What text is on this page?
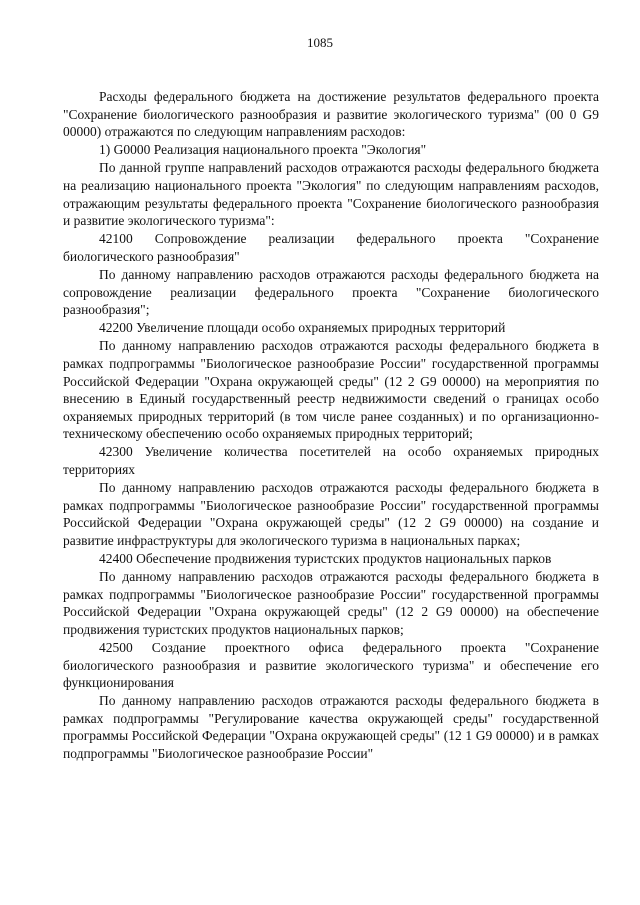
1085

Расходы федерального бюджета на достижение результатов федерального проекта "Сохранение биологического разнообразия и развитие экологического туризма" (00 0 G9 00000) отражаются по следующим направлениям расходов:

1) G0000 Реализация национального проекта "Экология"

По данной группе направлений расходов отражаются расходы федерального бюджета на реализацию национального проекта "Экология" по следующим направлениям расходов, отражающим результаты федерального проекта "Сохранение биологического разнообразия и развитие экологического туризма":

42100 Сопровождение реализации федерального проекта "Сохранение биологического разнообразия"

По данному направлению расходов отражаются расходы федерального бюджета на сопровождение реализации федерального проекта "Сохранение биологического разнообразия";

42200 Увеличение площади особо охраняемых природных территорий

По данному направлению расходов отражаются расходы федерального бюджета в рамках подпрограммы "Биологическое разнообразие России" государственной программы Российской Федерации "Охрана окружающей среды" (12 2 G9 00000) на мероприятия по внесению в Единый государственный реестр недвижимости сведений о границах особо охраняемых природных территорий (в том числе ранее созданных) и по организационно-техническому обеспечению особо охраняемых природных территорий;

42300 Увеличение количества посетителей на особо охраняемых природных территориях

По данному направлению расходов отражаются расходы федерального бюджета в рамках подпрограммы "Биологическое разнообразие России" государственной программы Российской Федерации "Охрана окружающей среды" (12 2 G9 00000) на создание и развитие инфраструктуры для экологического туризма в национальных парках;

42400 Обеспечение продвижения туристских продуктов национальных парков

По данному направлению расходов отражаются расходы федерального бюджета в рамках подпрограммы "Биологическое разнообразие России" государственной программы Российской Федерации "Охрана окружающей среды" (12 2 G9 00000) на обеспечение продвижения туристских продуктов национальных парков;

42500 Создание проектного офиса федерального проекта "Сохранение биологического разнообразия и развитие экологического туризма" и обеспечение его функционирования

По данному направлению расходов отражаются расходы федерального бюджета в рамках подпрограммы "Регулирование качества окружающей среды" государственной программы Российской Федерации "Охрана окружающей среды" (12 1 G9 00000) и в рамках подпрограммы "Биологическое разнообразие России"
